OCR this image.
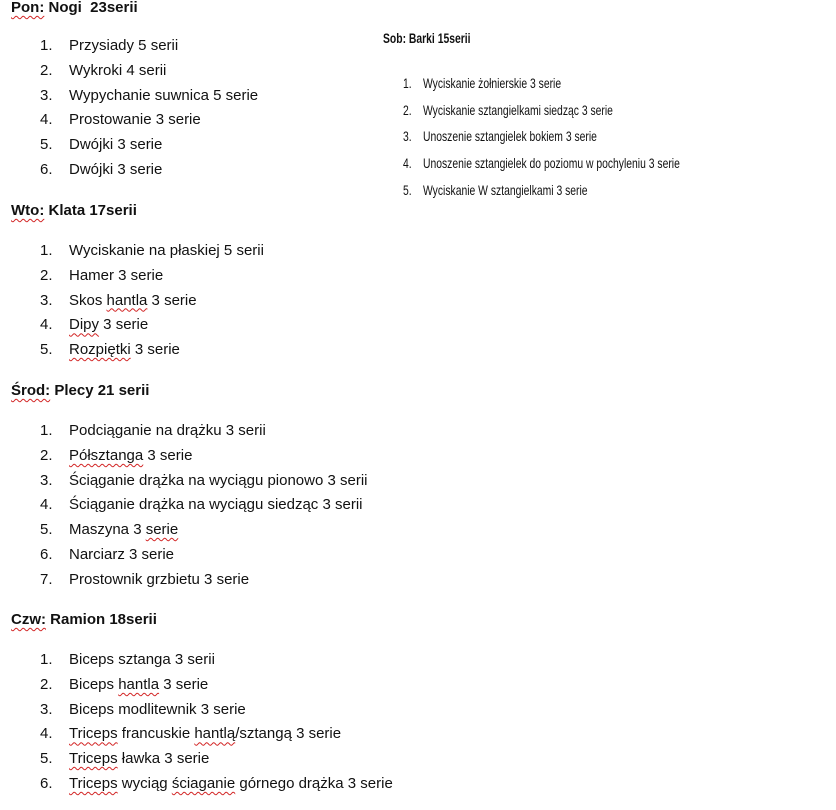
Pon: Nogi  23serii
1. Przysiady 5 serii
2. Wykroki 4 serii
3. Wypychanie suwnica 5 serie
4. Prostowanie 3 serie
5. Dwójki 3 serie
6. Dwójki 3 serie
Wto: Klata 17serii
1. Wyciskanie na płaskiej 5 serii
2. Hamer 3 serie
3. Skos hantla 3 serie
4. Dipy 3 serie
5. Rozpiętki 3 serie
Środ: Plecy 21 serii
1. Podciąganie na drążku 3 serii
2. Półsztanga 3 serie
3. Ściąganie drążka na wyciągu pionowo 3 serii
4. Ściąganie drążka na wyciągu siedząc 3 serii
5. Maszyna 3 serie
6. Narciarz 3 serie
7. Prostownik grzbietu 3 serie
Czw: Ramion 18serii
1. Biceps sztanga 3 serii
2. Biceps hantla 3 serie
3. Biceps modlitewnik 3 serie
4. Triceps francuskie hantlą/sztangą 3 serie
5. Triceps ławka 3 serie
6. Triceps wyciąg ściaganie górnego drążka 3 serie
Sob: Barki 15serii
1. Wyciskanie żołnierskie 3 serie
2. Wyciskanie sztangielkami siedząc 3 serie
3. Unoszenie sztangielek bokiem 3 serie
4. Unoszenie sztangielek do poziomu w pochyleniu 3 serie
5. Wyciskanie W sztangielkami 3 serie
